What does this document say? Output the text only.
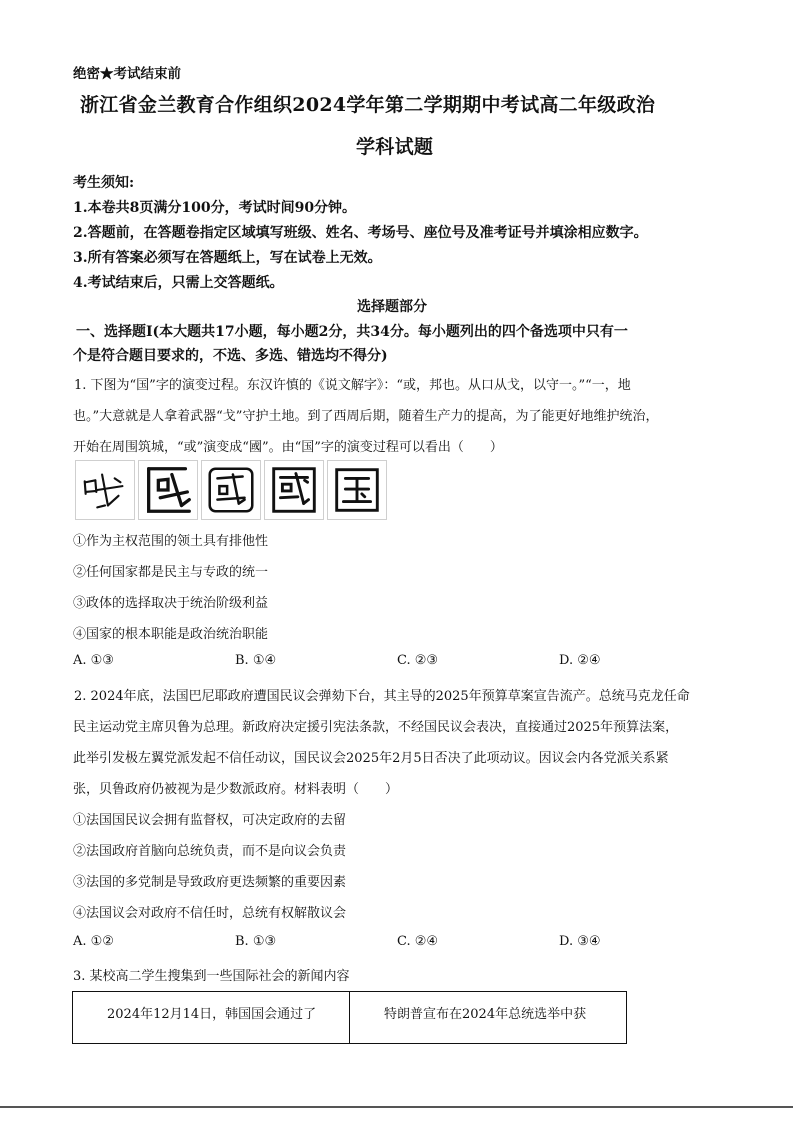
绝密★考试结束前
浙江省金兰教育合作组织2024学年第二学期期中考试高二年级政治
学科试题
考生须知:
1.本卷共8页满分100分，考试时间90分钟。
2.答题前，在答题卷指定区域填写班级、姓名、考场号、座位号及准考证号并填涂相应数字。
3.所有答案必须写在答题纸上，写在试卷上无效。
4.考试结束后，只需上交答题纸。
选择题部分
一、选择题Ⅰ(本大题共17小题，每小题2分，共34分。每小题列出的四个备选项中只有一
个是符合题目要求的，不选、多选、错选均不得分)
1. 下图为“国”字的演变过程。东汉许慎的《说文解字》：“或，邦也。从口从戈，以守一。”“一，地
也。”大意就是人拿着武器“戈”守护土地。到了西周后期，随着生产力的提高，为了能更好地维护统治，
开始在周围筑城，“或”演变成“國”。由“国”字的演变过程可以看出（　　）
①作为主权范围的领土具有排他性
②任何国家都是民主与专政的统一
③政体的选择取决于统治阶级利益
④国家的根本职能是政治统治职能
A. ①③	B. ①④	C. ②③	D. ②④
2. 2024年底，法国巴尼耶政府遭国民议会弹劾下台，其主导的2025年预算草案宣告流产。总统马克龙任命
民主运动党主席贝鲁为总理。新政府决定援引宪法条款，不经国民议会表决，直接通过2025年预算法案，
此举引发极左翼党派发起不信任动议，国民议会2025年2月5日否决了此项动议。因议会内各党派关系紧
张，贝鲁政府仍被视为是少数派政府。材料表明（　　）
①法国国民议会拥有监督权，可决定政府的去留
②法国政府首脑向总统负责，而不是向议会负责
③法国的多党制是导致政府更迭频繁的重要因素
④法国议会对政府不信任时，总统有权解散议会
A. ①②	B. ①③	C. ②④	D. ③④
3. 某校高二学生搜集到一些国际社会的新闻内容
2024年12月14日，韩国国会通过了	特朗普宣布在2024年总统选举中获
